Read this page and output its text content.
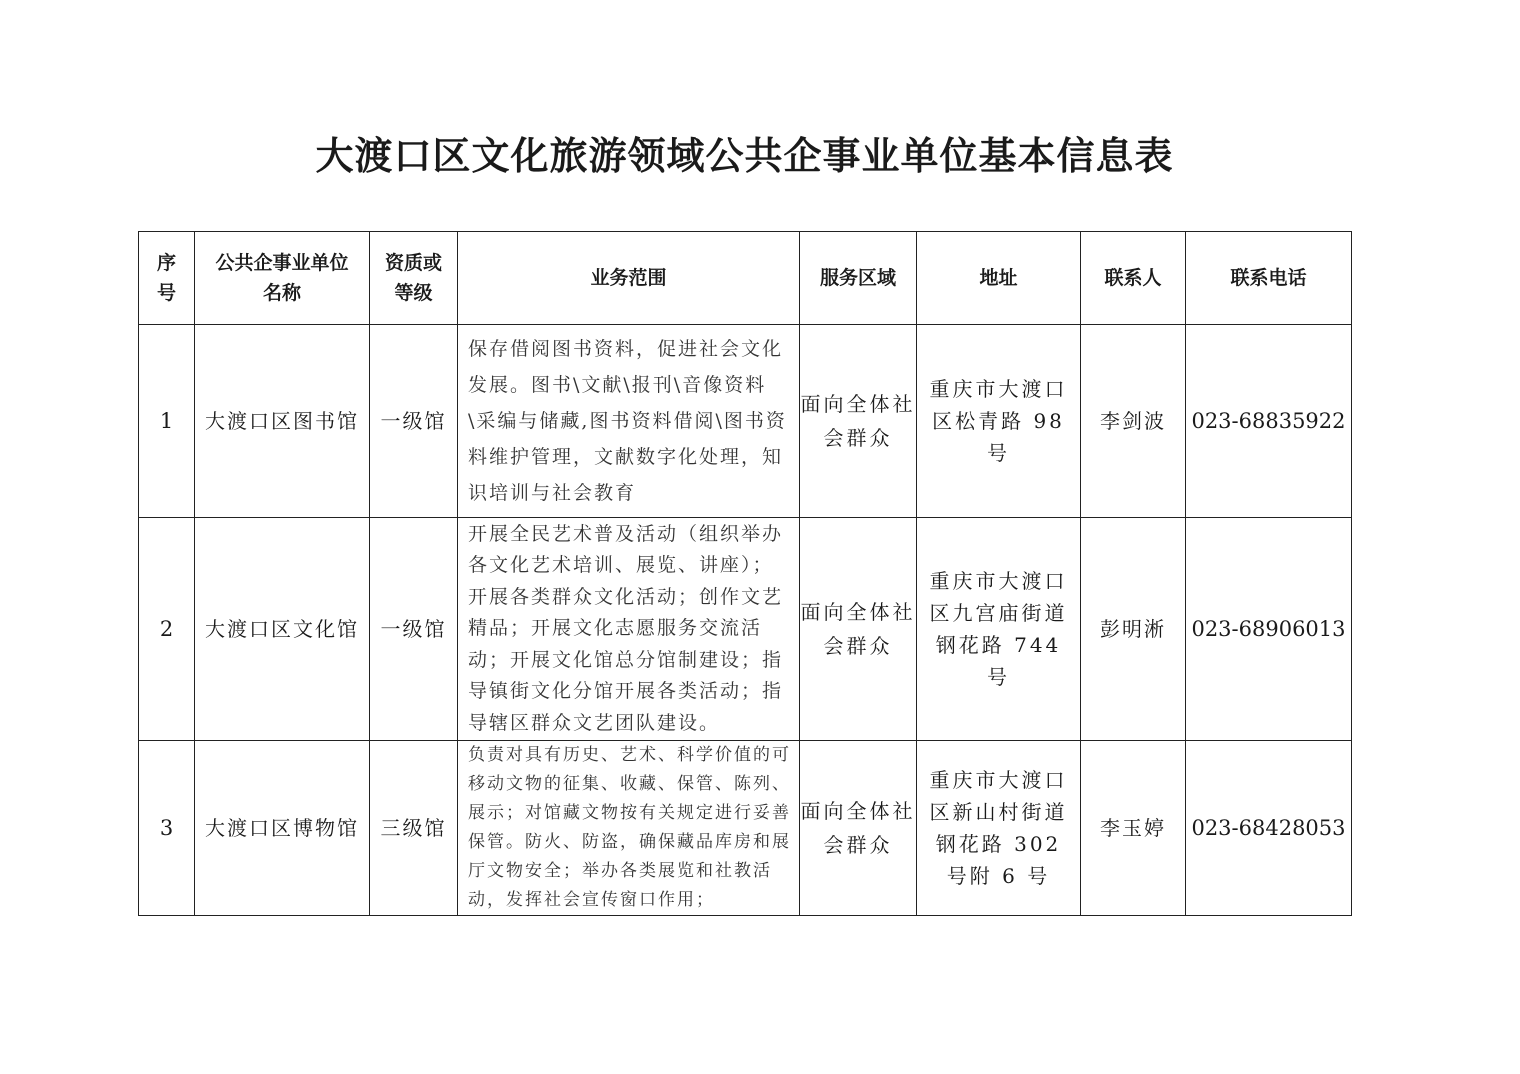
大渡口区文化旅游领域公共企事业单位基本信息表
序号	公共企事业单位名称	资质或等级	业务范围	服务区域	地址	联系人	联系电话
1	大渡口区图书馆	一级馆	保存借阅图书资料，促进社会文化发展。图书\文献\报刊\音像资料\采编与储藏,图书资料借阅\图书资料维护管理，文献数字化处理，知识培训与社会教育	面向全体社会群众	重庆市大渡口区松青路 98 号	李剑波	023-68835922
2	大渡口区文化馆	一级馆	开展全民艺术普及活动（组织举办各文化艺术培训、展览、讲座）；开展各类群众文化活动；创作文艺精品；开展文化志愿服务交流活动；开展文化馆总分馆制建设；指导镇街文化分馆开展各类活动；指导辖区群众文艺团队建设。	面向全体社会群众	重庆市大渡口区九宫庙街道钢花路 744 号	彭明淅	023-68906013
3	大渡口区博物馆	三级馆	负责对具有历史、艺术、科学价值的可移动文物的征集、收藏、保管、陈列、展示；对馆藏文物按有关规定进行妥善保管。防火、防盗，确保藏品库房和展厅文物安全；举办各类展览和社教活动，发挥社会宣传窗口作用；	面向全体社会群众	重庆市大渡口区新山村街道钢花路 302 号附 6 号	李玉婷	023-68428053
